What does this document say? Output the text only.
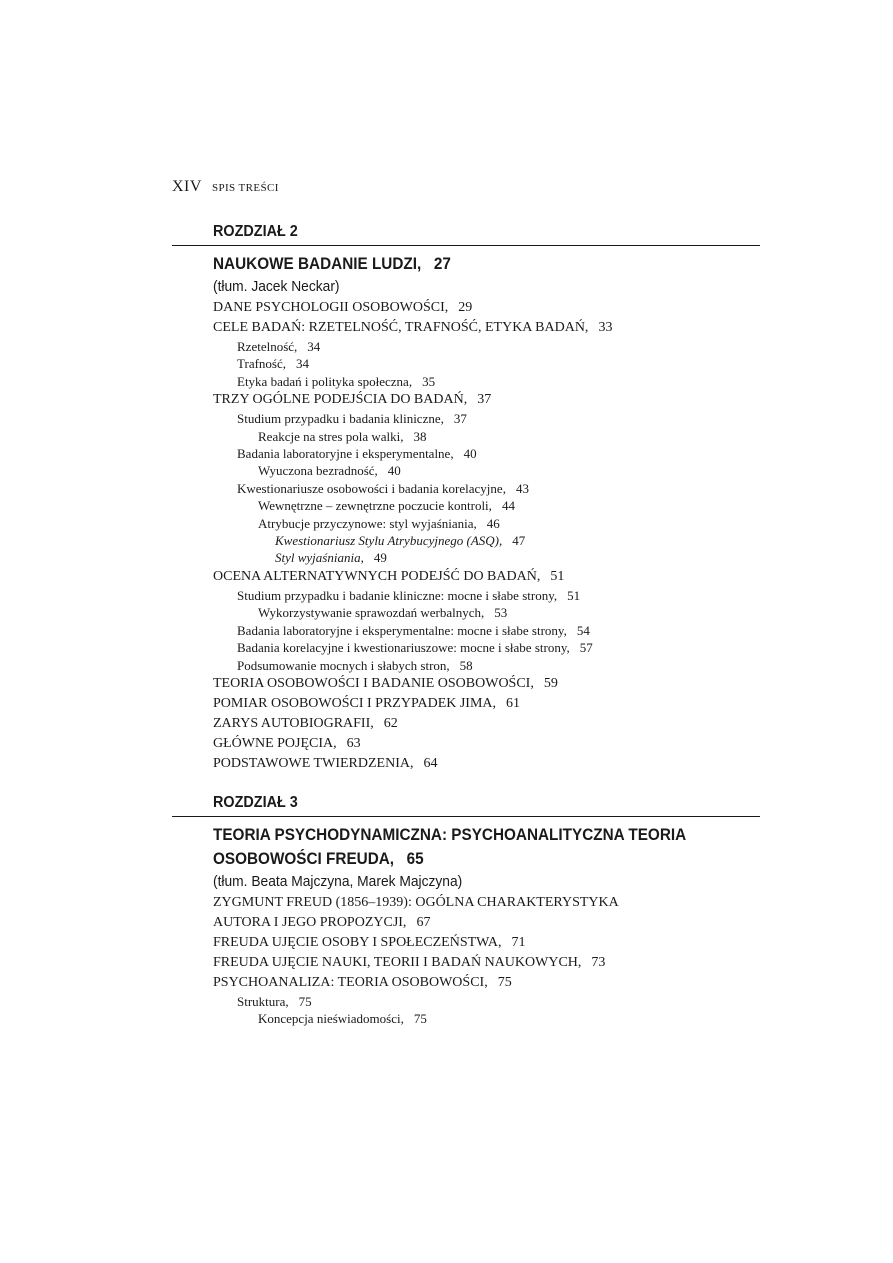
XIV SPIS TREŚCI
ROZDZIAŁ 2
NAUKOWE BADANIE LUDZI, 27
(tłum. Jacek Neckar)
DANE PSYCHOLOGII OSOBOWOŚCI, 29
CELE BADAŃ: RZETELNOŚĆ, TRAFNOŚĆ, ETYKA BADAŃ, 33
Rzetelność, 34
Trafność, 34
Etyka badań i polityka społeczna, 35
TRZY OGÓLNE PODEJŚCIA DO BADAŃ, 37
Studium przypadku i badania kliniczne, 37
Reakcje na stres pola walki, 38
Badania laboratoryjne i eksperymentalne, 40
Wyuczona bezradność, 40
Kwestionariusze osobowości i badania korelacyjne, 43
Wewnętrzne – zewnętrzne poczucie kontroli, 44
Atrybucje przyczynowe: styl wyjaśniania, 46
Kwestionariusz Stylu Atrybucyjnego (ASQ), 47
Styl wyjaśniania, 49
OCENA ALTERNATYWNYCH PODEJŚĆ DO BADAŃ, 51
Studium przypadku i badanie kliniczne: mocne i słabe strony, 51
Wykorzystywanie sprawozdań werbalnych, 53
Badania laboratoryjne i eksperymentalne: mocne i słabe strony, 54
Badania korelacyjne i kwestionariuszowe: mocne i słabe strony, 57
Podsumowanie mocnych i słabych stron, 58
TEORIA OSOBOWOŚCI I BADANIE OSOBOWOŚCI, 59
POMIAR OSOBOWOŚCI I PRZYPADEK JIMA, 61
ZARYS AUTOBIOGRAFII, 62
GŁÓWNE POJĘCIA, 63
PODSTAWOWE TWIERDZENIA, 64
ROZDZIAŁ 3
TEORIA PSYCHODYNAMICZNA: PSYCHOANALITYCZNA TEORIA
OSOBOWOŚCI FREUDA, 65
(tłum. Beata Majczyna, Marek Majczyna)
ZYGMUNT FREUD (1856–1939): OGÓLNA CHARAKTERYSTYKA
AUTORA I JEGO PROPOZYCJI, 67
FREUDA UJĘCIE OSOBY I SPOŁECZEŃSTWA, 71
FREUDA UJĘCIE NAUKI, TEORII I BADAŃ NAUKOWYCH, 73
PSYCHOANALIZA: TEORIA OSOBOWOŚCI, 75
Struktura, 75
Koncepcja nieświadomości, 75
